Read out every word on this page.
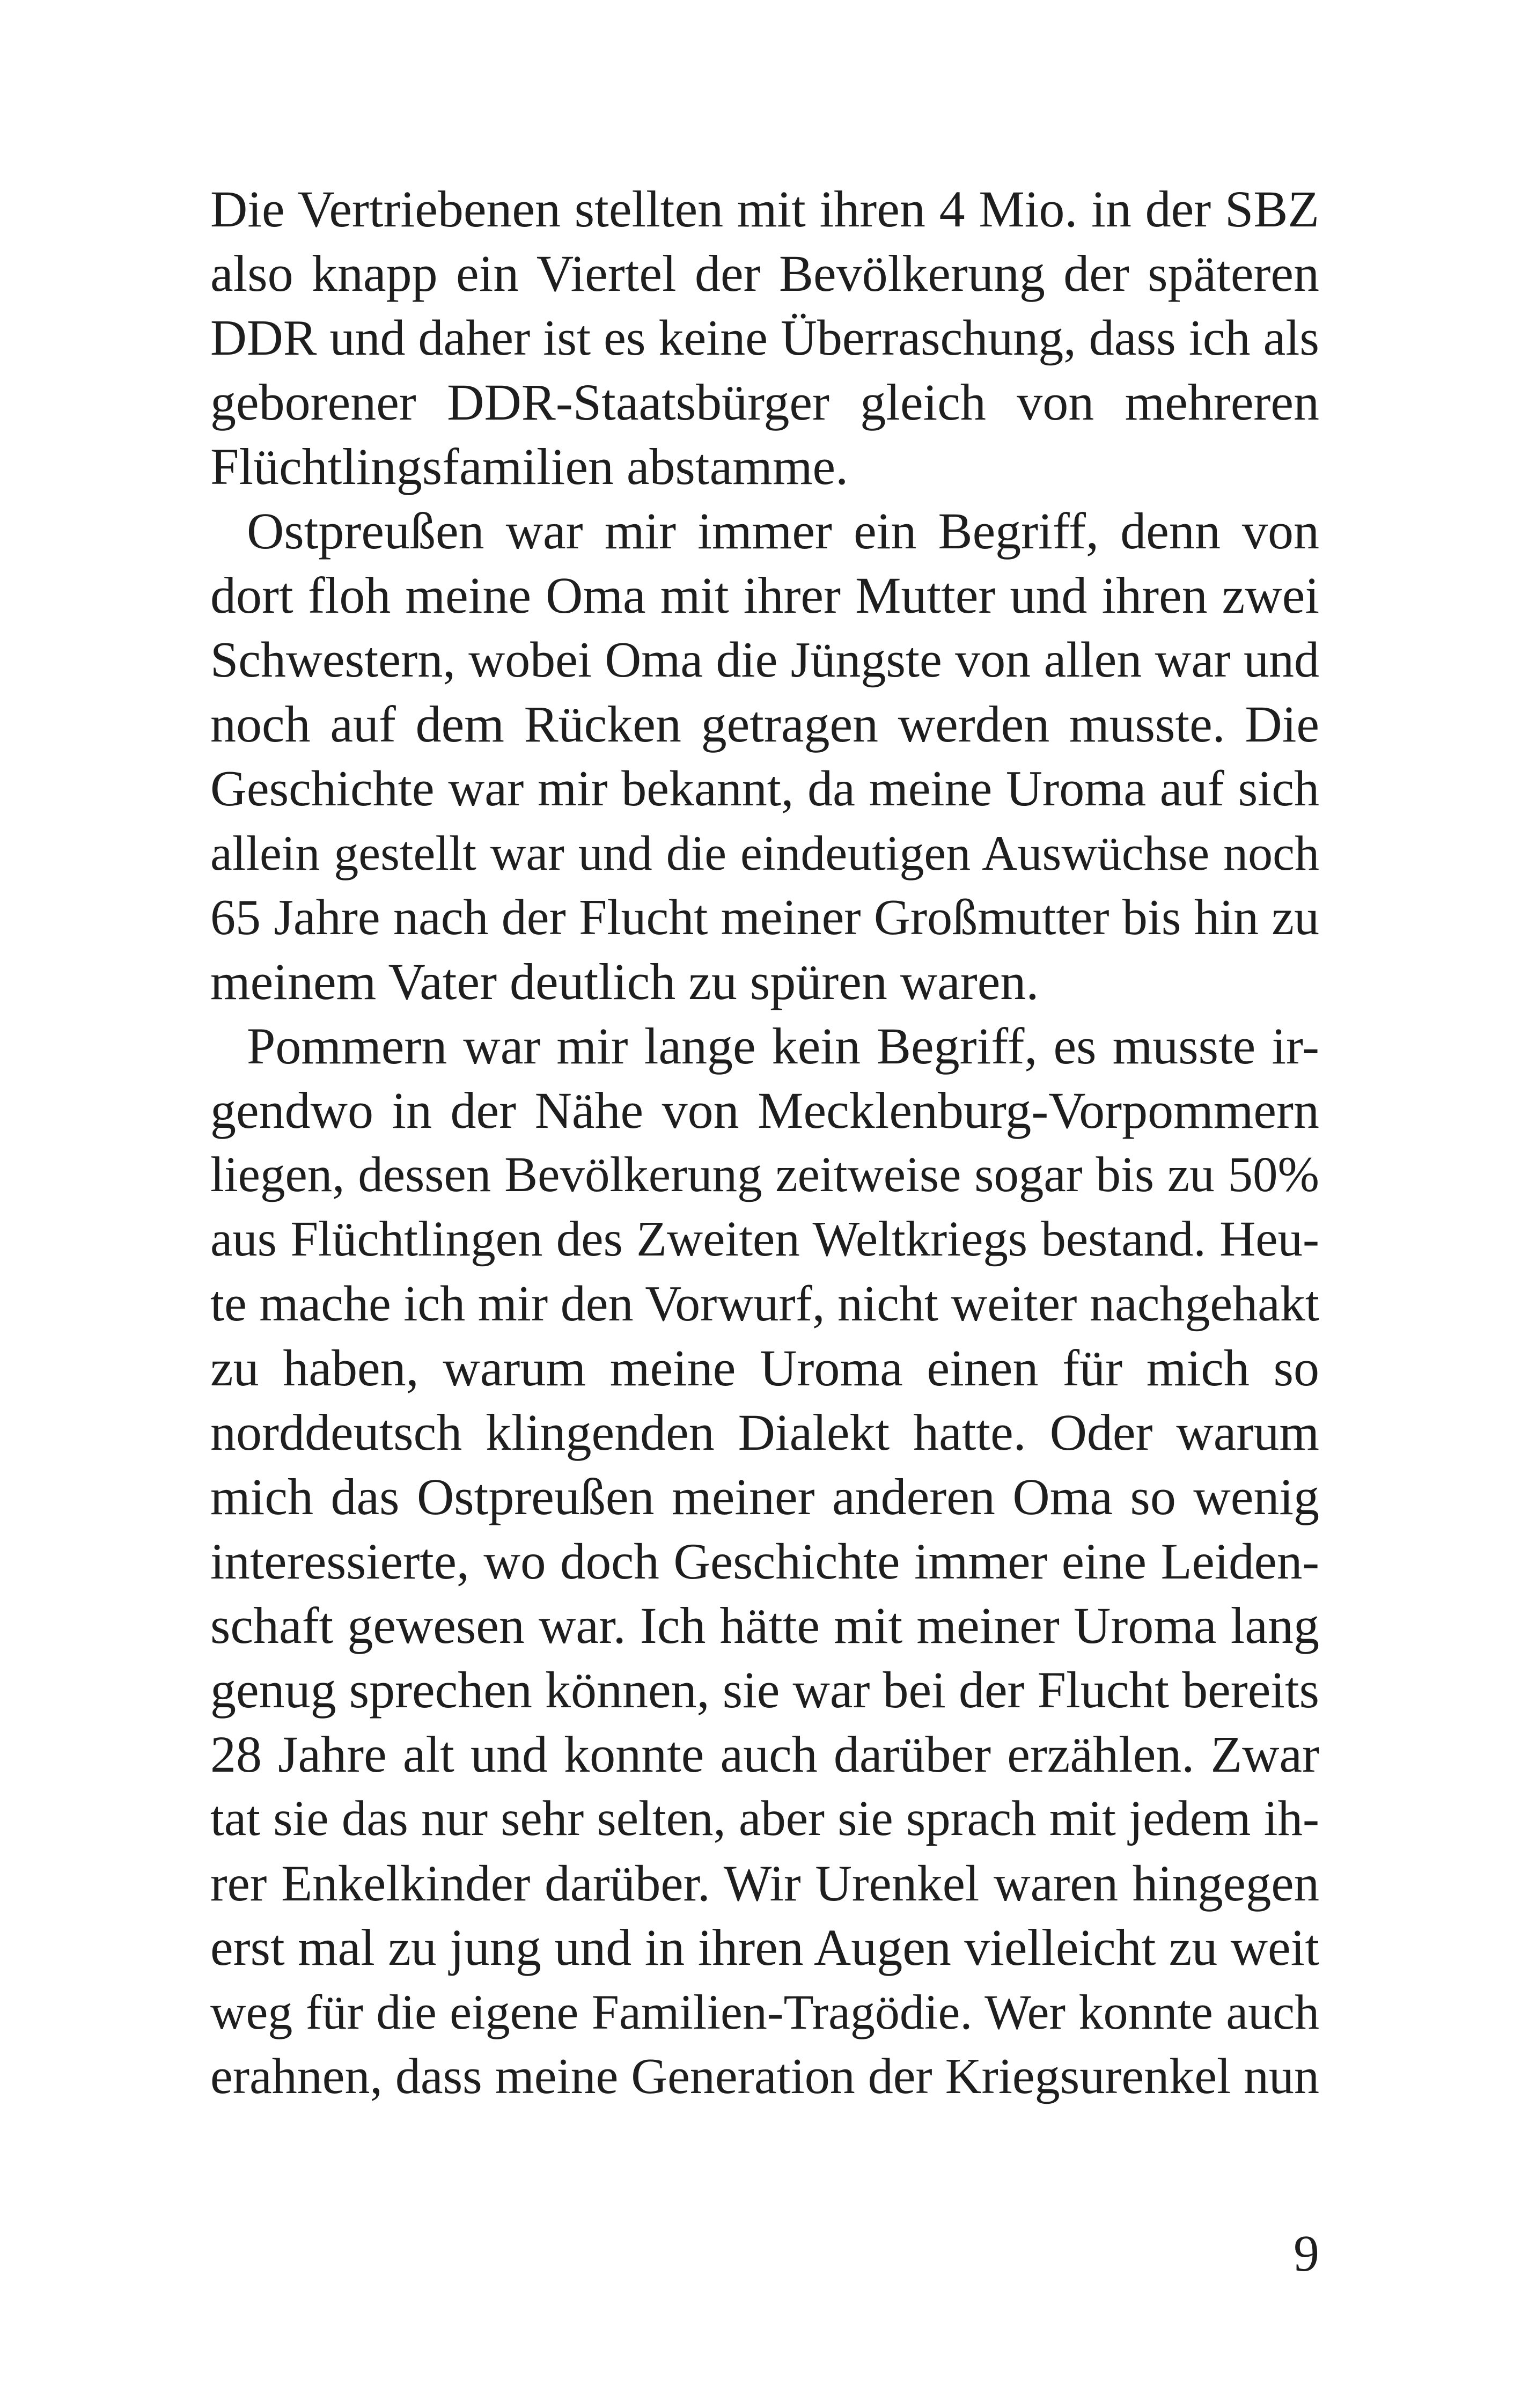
Die Vertriebenen stellten mit ihren 4 Mio. in der SBZ
also knapp ein Viertel der Bevölkerung der späteren
DDR und daher ist es keine Überraschung, dass ich als
geborener DDR-Staatsbürger gleich von mehreren
Flüchtlingsfamilien abstamme.

Ostpreußen war mir immer ein Begriff, denn von
dort floh meine Oma mit ihrer Mutter und ihren zwei
Schwestern, wobei Oma die Jüngste von allen war und
noch auf dem Rücken getragen werden musste. Die
Geschichte war mir bekannt, da meine Uroma auf sich
allein gestellt war und die eindeutigen Auswüchse noch
65 Jahre nach der Flucht meiner Großmutter bis hin zu
meinem Vater deutlich zu spüren waren.

Pommern war mir lange kein Begriff, es musste ir-
gendwo in der Nähe von Mecklenburg-Vorpommern
liegen, dessen Bevölkerung zeitweise sogar bis zu 50%
aus Flüchtlingen des Zweiten Weltkriegs bestand. Heu-
te mache ich mir den Vorwurf, nicht weiter nachgehakt
zu haben, warum meine Uroma einen für mich so
norddeutsch klingenden Dialekt hatte. Oder warum
mich das Ostpreußen meiner anderen Oma so wenig
interessierte, wo doch Geschichte immer eine Leiden-
schaft gewesen war. Ich hätte mit meiner Uroma lang
genug sprechen können, sie war bei der Flucht bereits
28 Jahre alt und konnte auch darüber erzählen. Zwar
tat sie das nur sehr selten, aber sie sprach mit jedem ih-
rer Enkelkinder darüber. Wir Urenkel waren hingegen
erst mal zu jung und in ihren Augen vielleicht zu weit
weg für die eigene Familien-Tragödie. Wer konnte auch
erahnen, dass meine Generation der Kriegsurenkel nun

9
